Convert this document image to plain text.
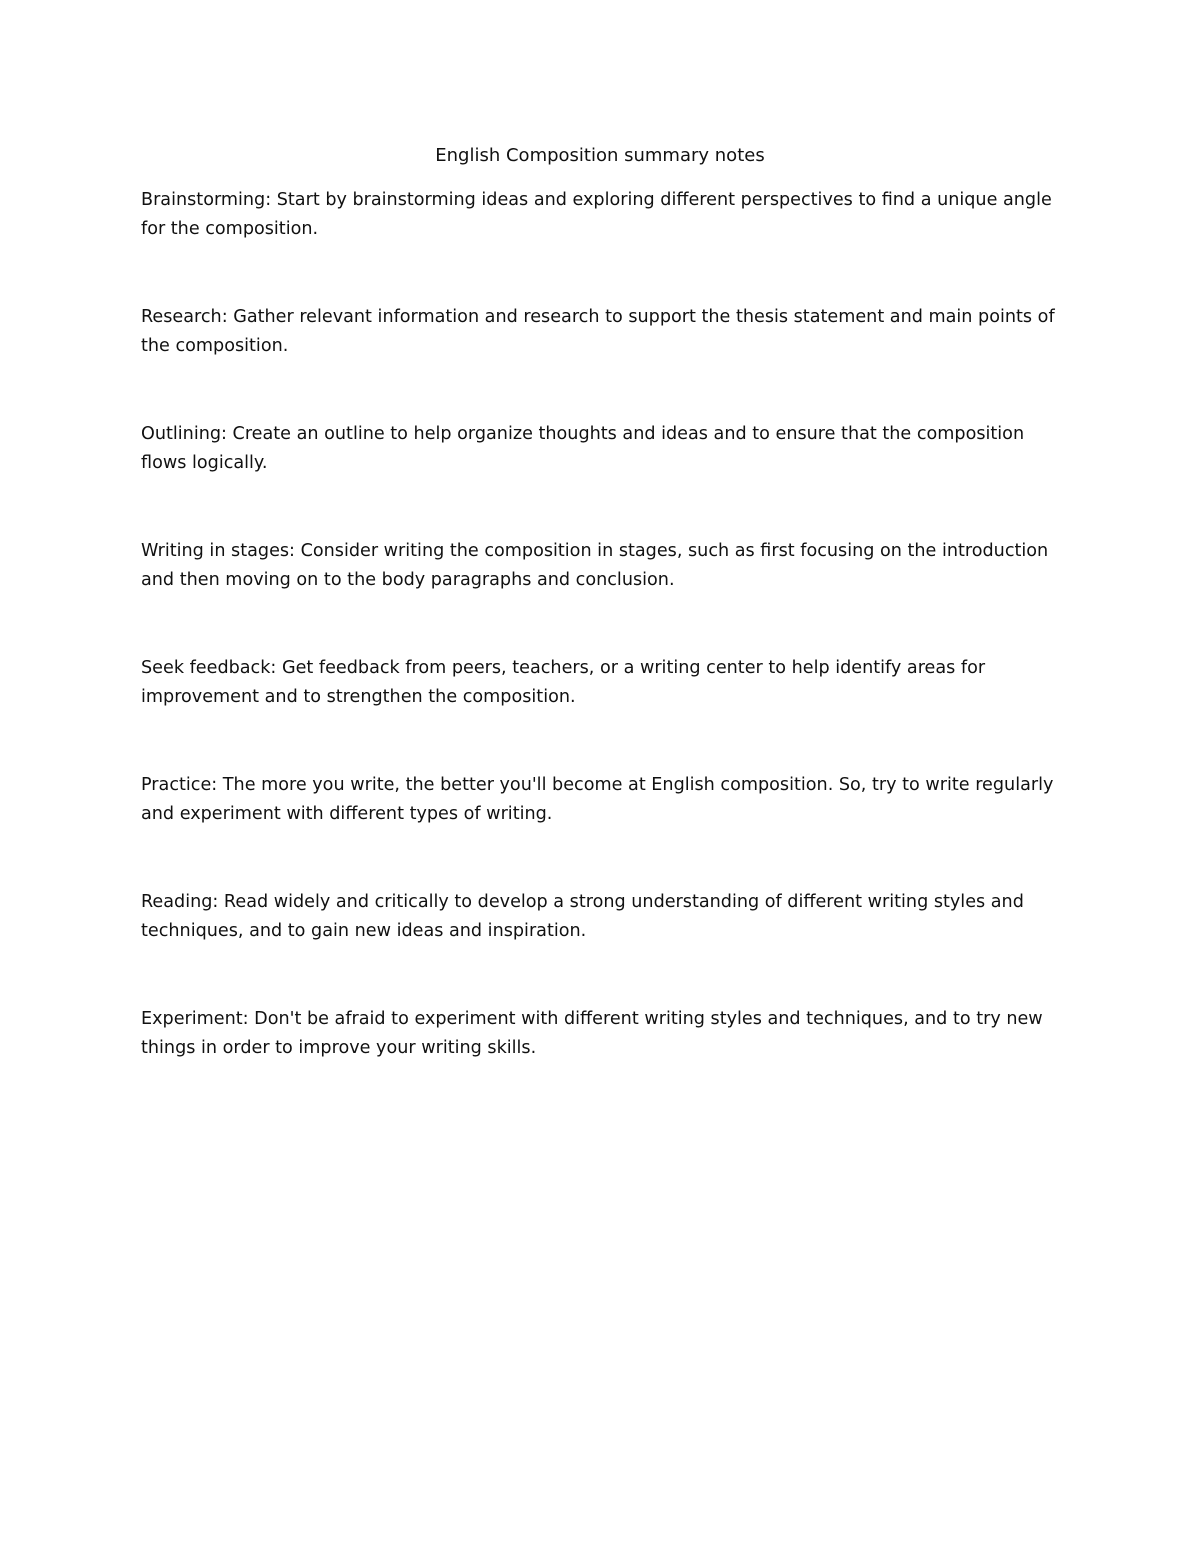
English Composition summary notes

Brainstorming: Start by brainstorming ideas and exploring different perspectives to find a unique angle for the composition.

Research: Gather relevant information and research to support the thesis statement and main points of the composition.

Outlining: Create an outline to help organize thoughts and ideas and to ensure that the composition flows logically.

Writing in stages: Consider writing the composition in stages, such as first focusing on the introduction and then moving on to the body paragraphs and conclusion.

Seek feedback: Get feedback from peers, teachers, or a writing center to help identify areas for improvement and to strengthen the composition.

Practice: The more you write, the better you'll become at English composition. So, try to write regularly and experiment with different types of writing.

Reading: Read widely and critically to develop a strong understanding of different writing styles and techniques, and to gain new ideas and inspiration.

Experiment: Don't be afraid to experiment with different writing styles and techniques, and to try new things in order to improve your writing skills.
